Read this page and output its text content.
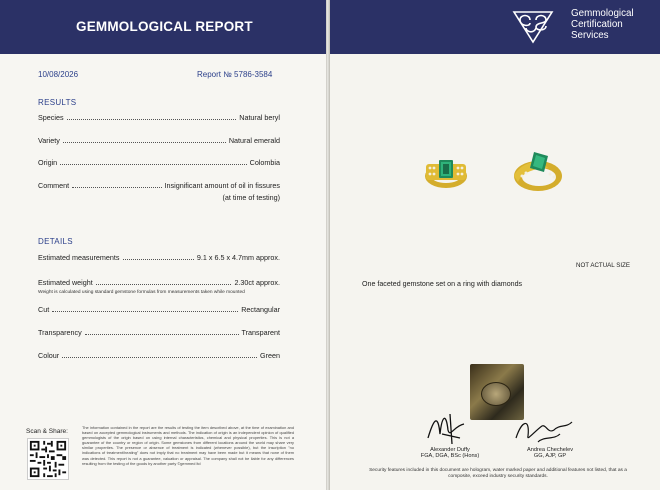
GEMMOLOGICAL REPORT
10/08/2026	Report № 5786-3584
RESULTS
Species	Natural beryl
Variety	Natural emerald
Origin	Colombia
Comment	Insignificant amount of oil in fissures
(at time of testing)
DETAILS
Estimated measurements	9.1 x 6.5 x 4.7mm approx.
Estimated weight	2.30ct approx.
Weight is calculated using standard gemstone formulas from measurements taken while mounted
Cut	Rectangular
Transparency	Transparent
Colour	Green
Scan & Share:
The information contained in the report are the results of testing the item described above, at the time of examination and based on accepted gemmological instruments and methods. The indication of origin is an independent opinion of qualified gemmologists of the origin based on using internal characteristics, chemical and physical properties. This is not a guarantee of the country or region of origin. Some gemstones from different locations around the world may share very similar properties. The presence or absence of treatment is indicated (whenever possible), but the inscription "no indications of treatment/heating" does not imply that no treatment may have been made but it means that none of them was detected. This report is not a guarantee, valuation or appraisal. The company shall not be liable for any differences resulting from the testing of the goods by another party ©gemmed ltd
Gemmological
Certification
Services
NOT ACTUAL SIZE
One faceted gemstone set on a ring with diamonds
Alexander Duffy
FGA, DGA, BSc (Hons)
Andrea Chechelev
GG, AJP, GP
Security features included in this document are hologram, water marked paper and additional features not listed, that as a composite, exceed industry security standards.
